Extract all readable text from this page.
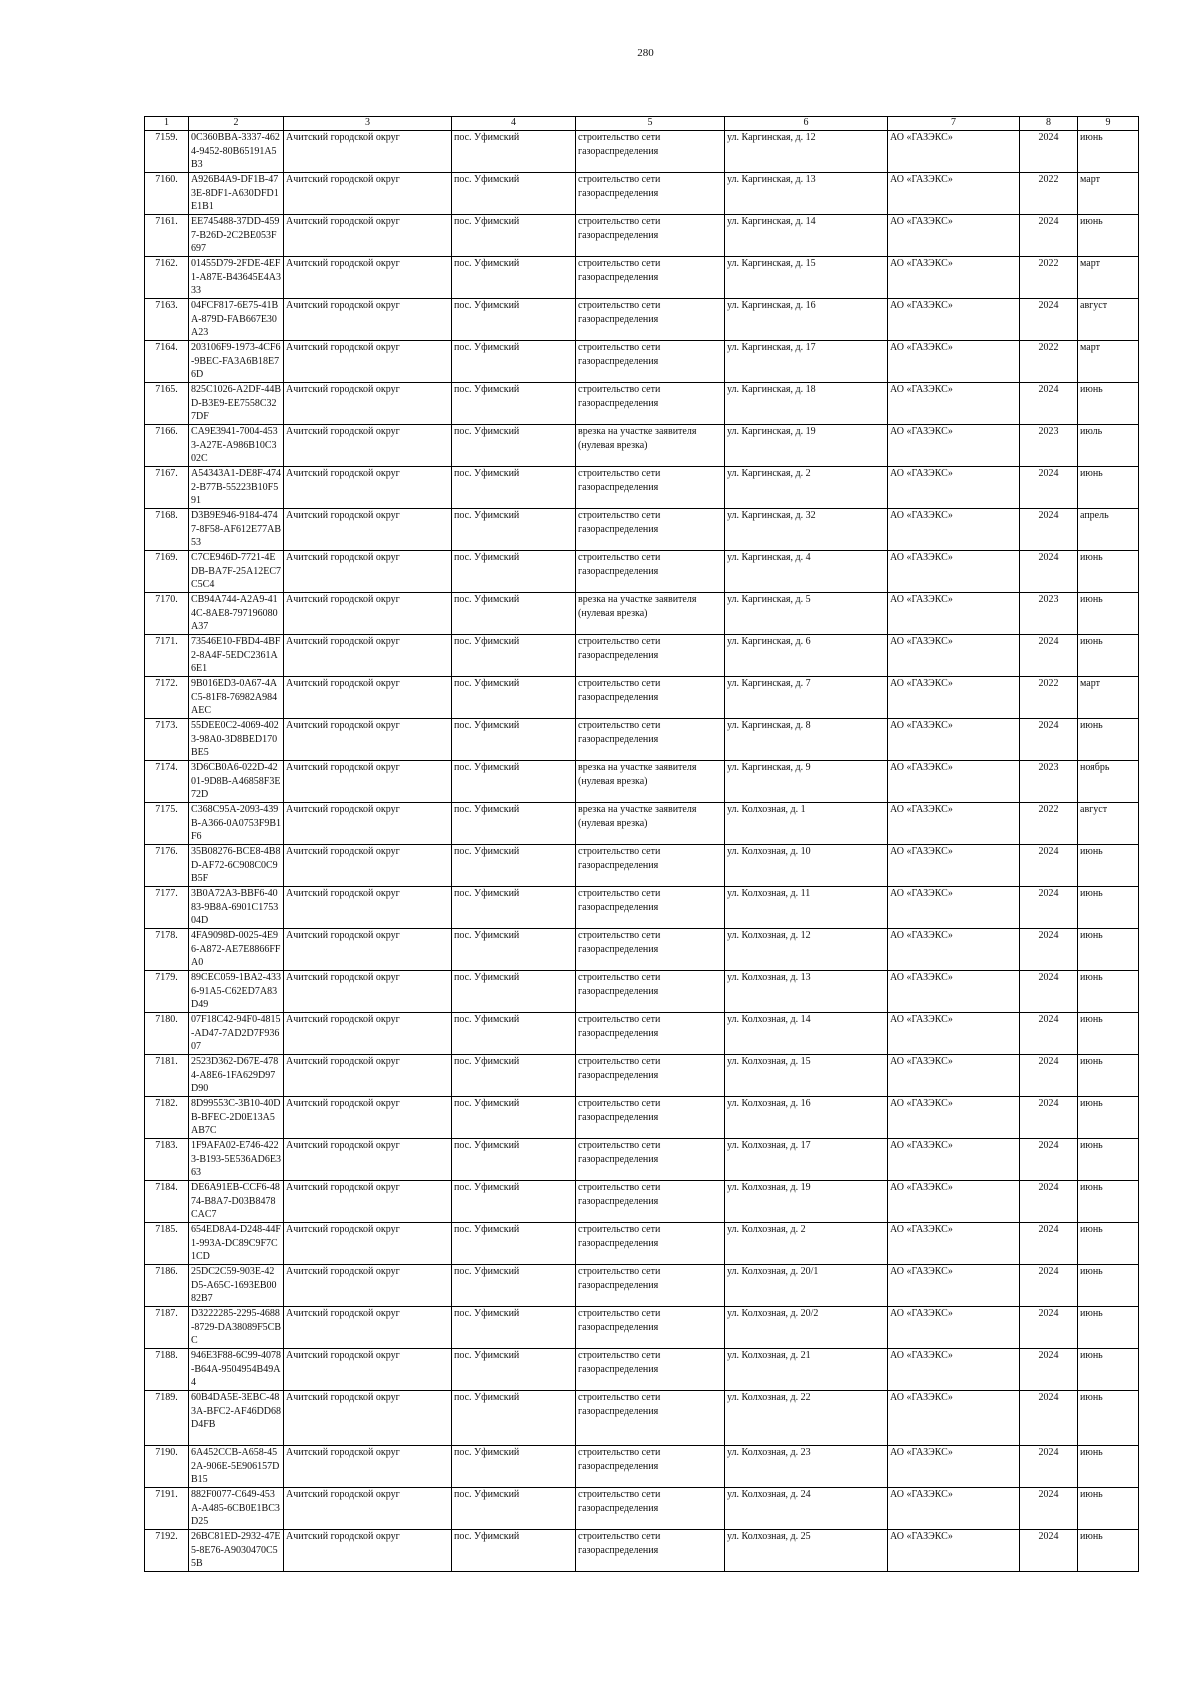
280
1	2	3	4	5	6	7	8	9
7159.	0C360BBA-3337-4624-9452-80B65191A5B3	Ачитский городской округ	пос. Уфимский	строительство сети газораспределения	ул. Каргинская, д. 12	АО «ГАЗЭКС»	2024	июнь
7160.	A926B4A9-DF1B-473E-8DF1-A630DFD1E1B1	Ачитский городской округ	пос. Уфимский	строительство сети газораспределения	ул. Каргинская, д. 13	АО «ГАЗЭКС»	2022	март
7161.	EE745488-37DD-4597-B26D-2C2BE053F697	Ачитский городской округ	пос. Уфимский	строительство сети газораспределения	ул. Каргинская, д. 14	АО «ГАЗЭКС»	2024	июнь
7162.	01455D79-2FDE-4EF1-A87E-B43645E4A333	Ачитский городской округ	пос. Уфимский	строительство сети газораспределения	ул. Каргинская, д. 15	АО «ГАЗЭКС»	2022	март
7163.	04FCF817-6E75-41BA-879D-FAB667E30A23	Ачитский городской округ	пос. Уфимский	строительство сети газораспределения	ул. Каргинская, д. 16	АО «ГАЗЭКС»	2024	август
7164.	203106F9-1973-4CF6-9BEC-FA3A6B18E76D	Ачитский городской округ	пос. Уфимский	строительство сети газораспределения	ул. Каргинская, д. 17	АО «ГАЗЭКС»	2022	март
7165.	825C1026-A2DF-44BD-B3E9-EE7558C327DF	Ачитский городской округ	пос. Уфимский	строительство сети газораспределения	ул. Каргинская, д. 18	АО «ГАЗЭКС»	2024	июнь
7166.	CA9E3941-7004-4533-A27E-A986B10C302C	Ачитский городской округ	пос. Уфимский	врезка на участке заявителя (нулевая врезка)	ул. Каргинская, д. 19	АО «ГАЗЭКС»	2023	июль
7167.	A54343A1-DE8F-4742-B77B-55223B10F591	Ачитский городской округ	пос. Уфимский	строительство сети газораспределения	ул. Каргинская, д. 2	АО «ГАЗЭКС»	2024	июнь
7168.	D3B9E946-9184-4747-8F58-AF612E77AB53	Ачитский городской округ	пос. Уфимский	строительство сети газораспределения	ул. Каргинская, д. 32	АО «ГАЗЭКС»	2024	апрель
7169.	C7CE946D-7721-4EDB-BA7F-25A12EC7C5C4	Ачитский городской округ	пос. Уфимский	строительство сети газораспределения	ул. Каргинская, д. 4	АО «ГАЗЭКС»	2024	июнь
7170.	CB94A744-A2A9-414C-8AE8-797196080A37	Ачитский городской округ	пос. Уфимский	врезка на участке заявителя (нулевая врезка)	ул. Каргинская, д. 5	АО «ГАЗЭКС»	2023	июнь
7171.	73546E10-FBD4-4BF2-8A4F-5EDC2361A6E1	Ачитский городской округ	пос. Уфимский	строительство сети газораспределения	ул. Каргинская, д. 6	АО «ГАЗЭКС»	2024	июнь
7172.	9B016ED3-0A67-4AC5-81F8-76982A984AEC	Ачитский городской округ	пос. Уфимский	строительство сети газораспределения	ул. Каргинская, д. 7	АО «ГАЗЭКС»	2022	март
7173.	55DEE0C2-4069-4023-98A0-3D8BED170BE5	Ачитский городской округ	пос. Уфимский	строительство сети газораспределения	ул. Каргинская, д. 8	АО «ГАЗЭКС»	2024	июнь
7174.	3D6CB0A6-022D-4201-9D8B-A46858F3E72D	Ачитский городской округ	пос. Уфимский	врезка на участке заявителя (нулевая врезка)	ул. Каргинская, д. 9	АО «ГАЗЭКС»	2023	ноябрь
7175.	C368C95A-2093-439B-A366-0A0753F9B1F6	Ачитский городской округ	пос. Уфимский	врезка на участке заявителя (нулевая врезка)	ул. Колхозная, д. 1	АО «ГАЗЭКС»	2022	август
7176.	35B08276-BCE8-4B8D-AF72-6C908C0C9B5F	Ачитский городской округ	пос. Уфимский	строительство сети газораспределения	ул. Колхозная, д. 10	АО «ГАЗЭКС»	2024	июнь
7177.	3B0A72A3-BBF6-4083-9B8A-6901C175304D	Ачитский городской округ	пос. Уфимский	строительство сети газораспределения	ул. Колхозная, д. 11	АО «ГАЗЭКС»	2024	июнь
7178.	4FA9098D-0025-4E96-A872-AE7E8866FFA0	Ачитский городской округ	пос. Уфимский	строительство сети газораспределения	ул. Колхозная, д. 12	АО «ГАЗЭКС»	2024	июнь
7179.	89CEC059-1BA2-4336-91A5-C62ED7A83D49	Ачитский городской округ	пос. Уфимский	строительство сети газораспределения	ул. Колхозная, д. 13	АО «ГАЗЭКС»	2024	июнь
7180.	07F18C42-94F0-4815-AD47-7AD2D7F93607	Ачитский городской округ	пос. Уфимский	строительство сети газораспределения	ул. Колхозная, д. 14	АО «ГАЗЭКС»	2024	июнь
7181.	2523D362-D67E-4784-A8E6-1FA629D97D90	Ачитский городской округ	пос. Уфимский	строительство сети газораспределения	ул. Колхозная, д. 15	АО «ГАЗЭКС»	2024	июнь
7182.	8D99553C-3B10-40DB-BFEC-2D0E13A5AB7C	Ачитский городской округ	пос. Уфимский	строительство сети газораспределения	ул. Колхозная, д. 16	АО «ГАЗЭКС»	2024	июнь
7183.	1F9AFA02-E746-4223-B193-5E536AD6E363	Ачитский городской округ	пос. Уфимский	строительство сети газораспределения	ул. Колхозная, д. 17	АО «ГАЗЭКС»	2024	июнь
7184.	DE6A91EB-CCF6-4874-B8A7-D03B8478CAC7	Ачитский городской округ	пос. Уфимский	строительство сети газораспределения	ул. Колхозная, д. 19	АО «ГАЗЭКС»	2024	июнь
7185.	654ED8A4-D248-44F1-993A-DC89C9F7C1CD	Ачитский городской округ	пос. Уфимский	строительство сети газораспределения	ул. Колхозная, д. 2	АО «ГАЗЭКС»	2024	июнь
7186.	25DC2C59-903E-42D5-A65C-1693EB0082B7	Ачитский городской округ	пос. Уфимский	строительство сети газораспределения	ул. Колхозная, д. 20/1	АО «ГАЗЭКС»	2024	июнь
7187.	D3222285-2295-4688-8729-DA38089F5CBC	Ачитский городской округ	пос. Уфимский	строительство сети газораспределения	ул. Колхозная, д. 20/2	АО «ГАЗЭКС»	2024	июнь
7188.	946E3F88-6C99-4078-B64A-9504954B49A4	Ачитский городской округ	пос. Уфимский	строительство сети газораспределения	ул. Колхозная, д. 21	АО «ГАЗЭКС»	2024	июнь
7189.	60B4DA5E-3EBC-483A-BFC2-AF46DD68D4FB	Ачитский городской округ	пос. Уфимский	строительство сети газораспределения	ул. Колхозная, д. 22	АО «ГАЗЭКС»	2024	июнь
7190.	6A452CCB-A658-452A-906E-5E906157DB15	Ачитский городской округ	пос. Уфимский	строительство сети газораспределения	ул. Колхозная, д. 23	АО «ГАЗЭКС»	2024	июнь
7191.	882F0077-C649-453A-A485-6CB0E1BC3D25	Ачитский городской округ	пос. Уфимский	строительство сети газораспределения	ул. Колхозная, д. 24	АО «ГАЗЭКС»	2024	июнь
7192.	26BC81ED-2932-47E5-8E76-A9030470C55B	Ачитский городской округ	пос. Уфимский	строительство сети газораспределения	ул. Колхозная, д. 25	АО «ГАЗЭКС»	2024	июнь
